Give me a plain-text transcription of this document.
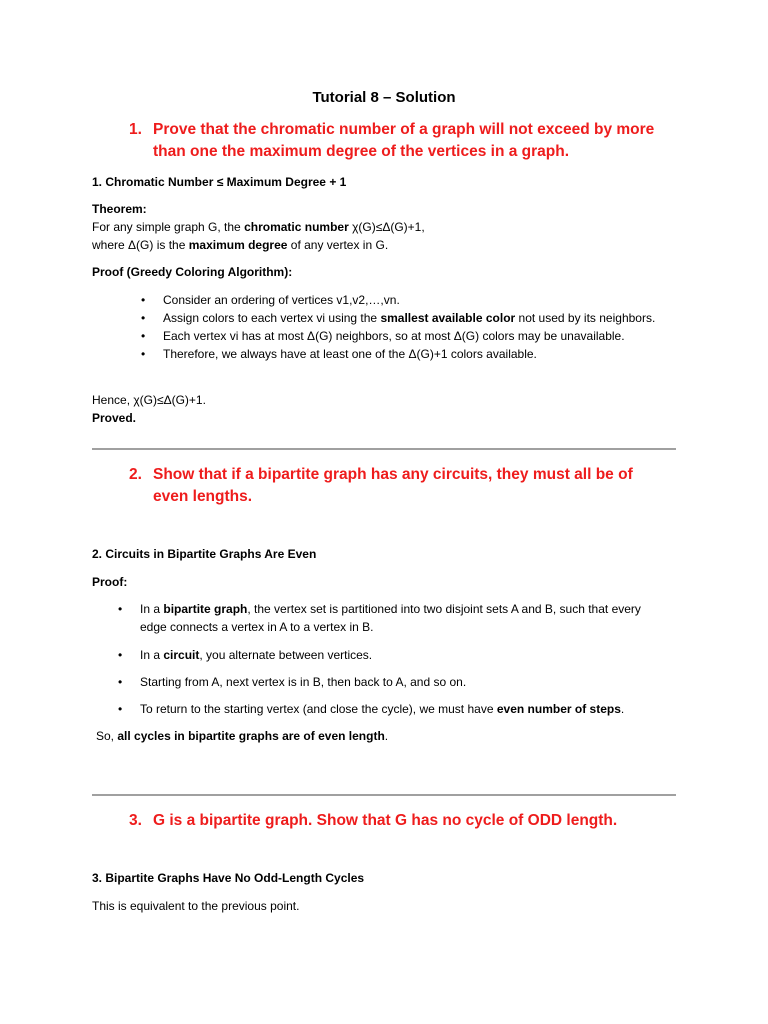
Tutorial 8 – Solution
1. Prove that the chromatic number of a graph will not exceed by more than one the maximum degree of the vertices in a graph.
1. Chromatic Number ≤ Maximum Degree + 1
Theorem:
For any simple graph G, the chromatic number χ(G)≤Δ(G)+1,
where Δ(G) is the maximum degree of any vertex in G.
Proof (Greedy Coloring Algorithm):
• Consider an ordering of vertices v1,v2,…,vn.
• Assign colors to each vertex vi using the smallest available color not used by its neighbors.
• Each vertex vi has at most Δ(G) neighbors, so at most Δ(G) colors may be unavailable.
• Therefore, we always have at least one of the Δ(G)+1 colors available.
Hence, χ(G)≤Δ(G)+1.
Proved.
2. Show that if a bipartite graph has any circuits, they must all be of even lengths.
2. Circuits in Bipartite Graphs Are Even
Proof:
• In a bipartite graph, the vertex set is partitioned into two disjoint sets A and B, such that every edge connects a vertex in A to a vertex in B.
• In a circuit, you alternate between vertices.
• Starting from A, next vertex is in B, then back to A, and so on.
• To return to the starting vertex (and close the cycle), we must have even number of steps.
So, all cycles in bipartite graphs are of even length.
3. G is a bipartite graph. Show that G has no cycle of ODD length.
3. Bipartite Graphs Have No Odd-Length Cycles
This is equivalent to the previous point.
